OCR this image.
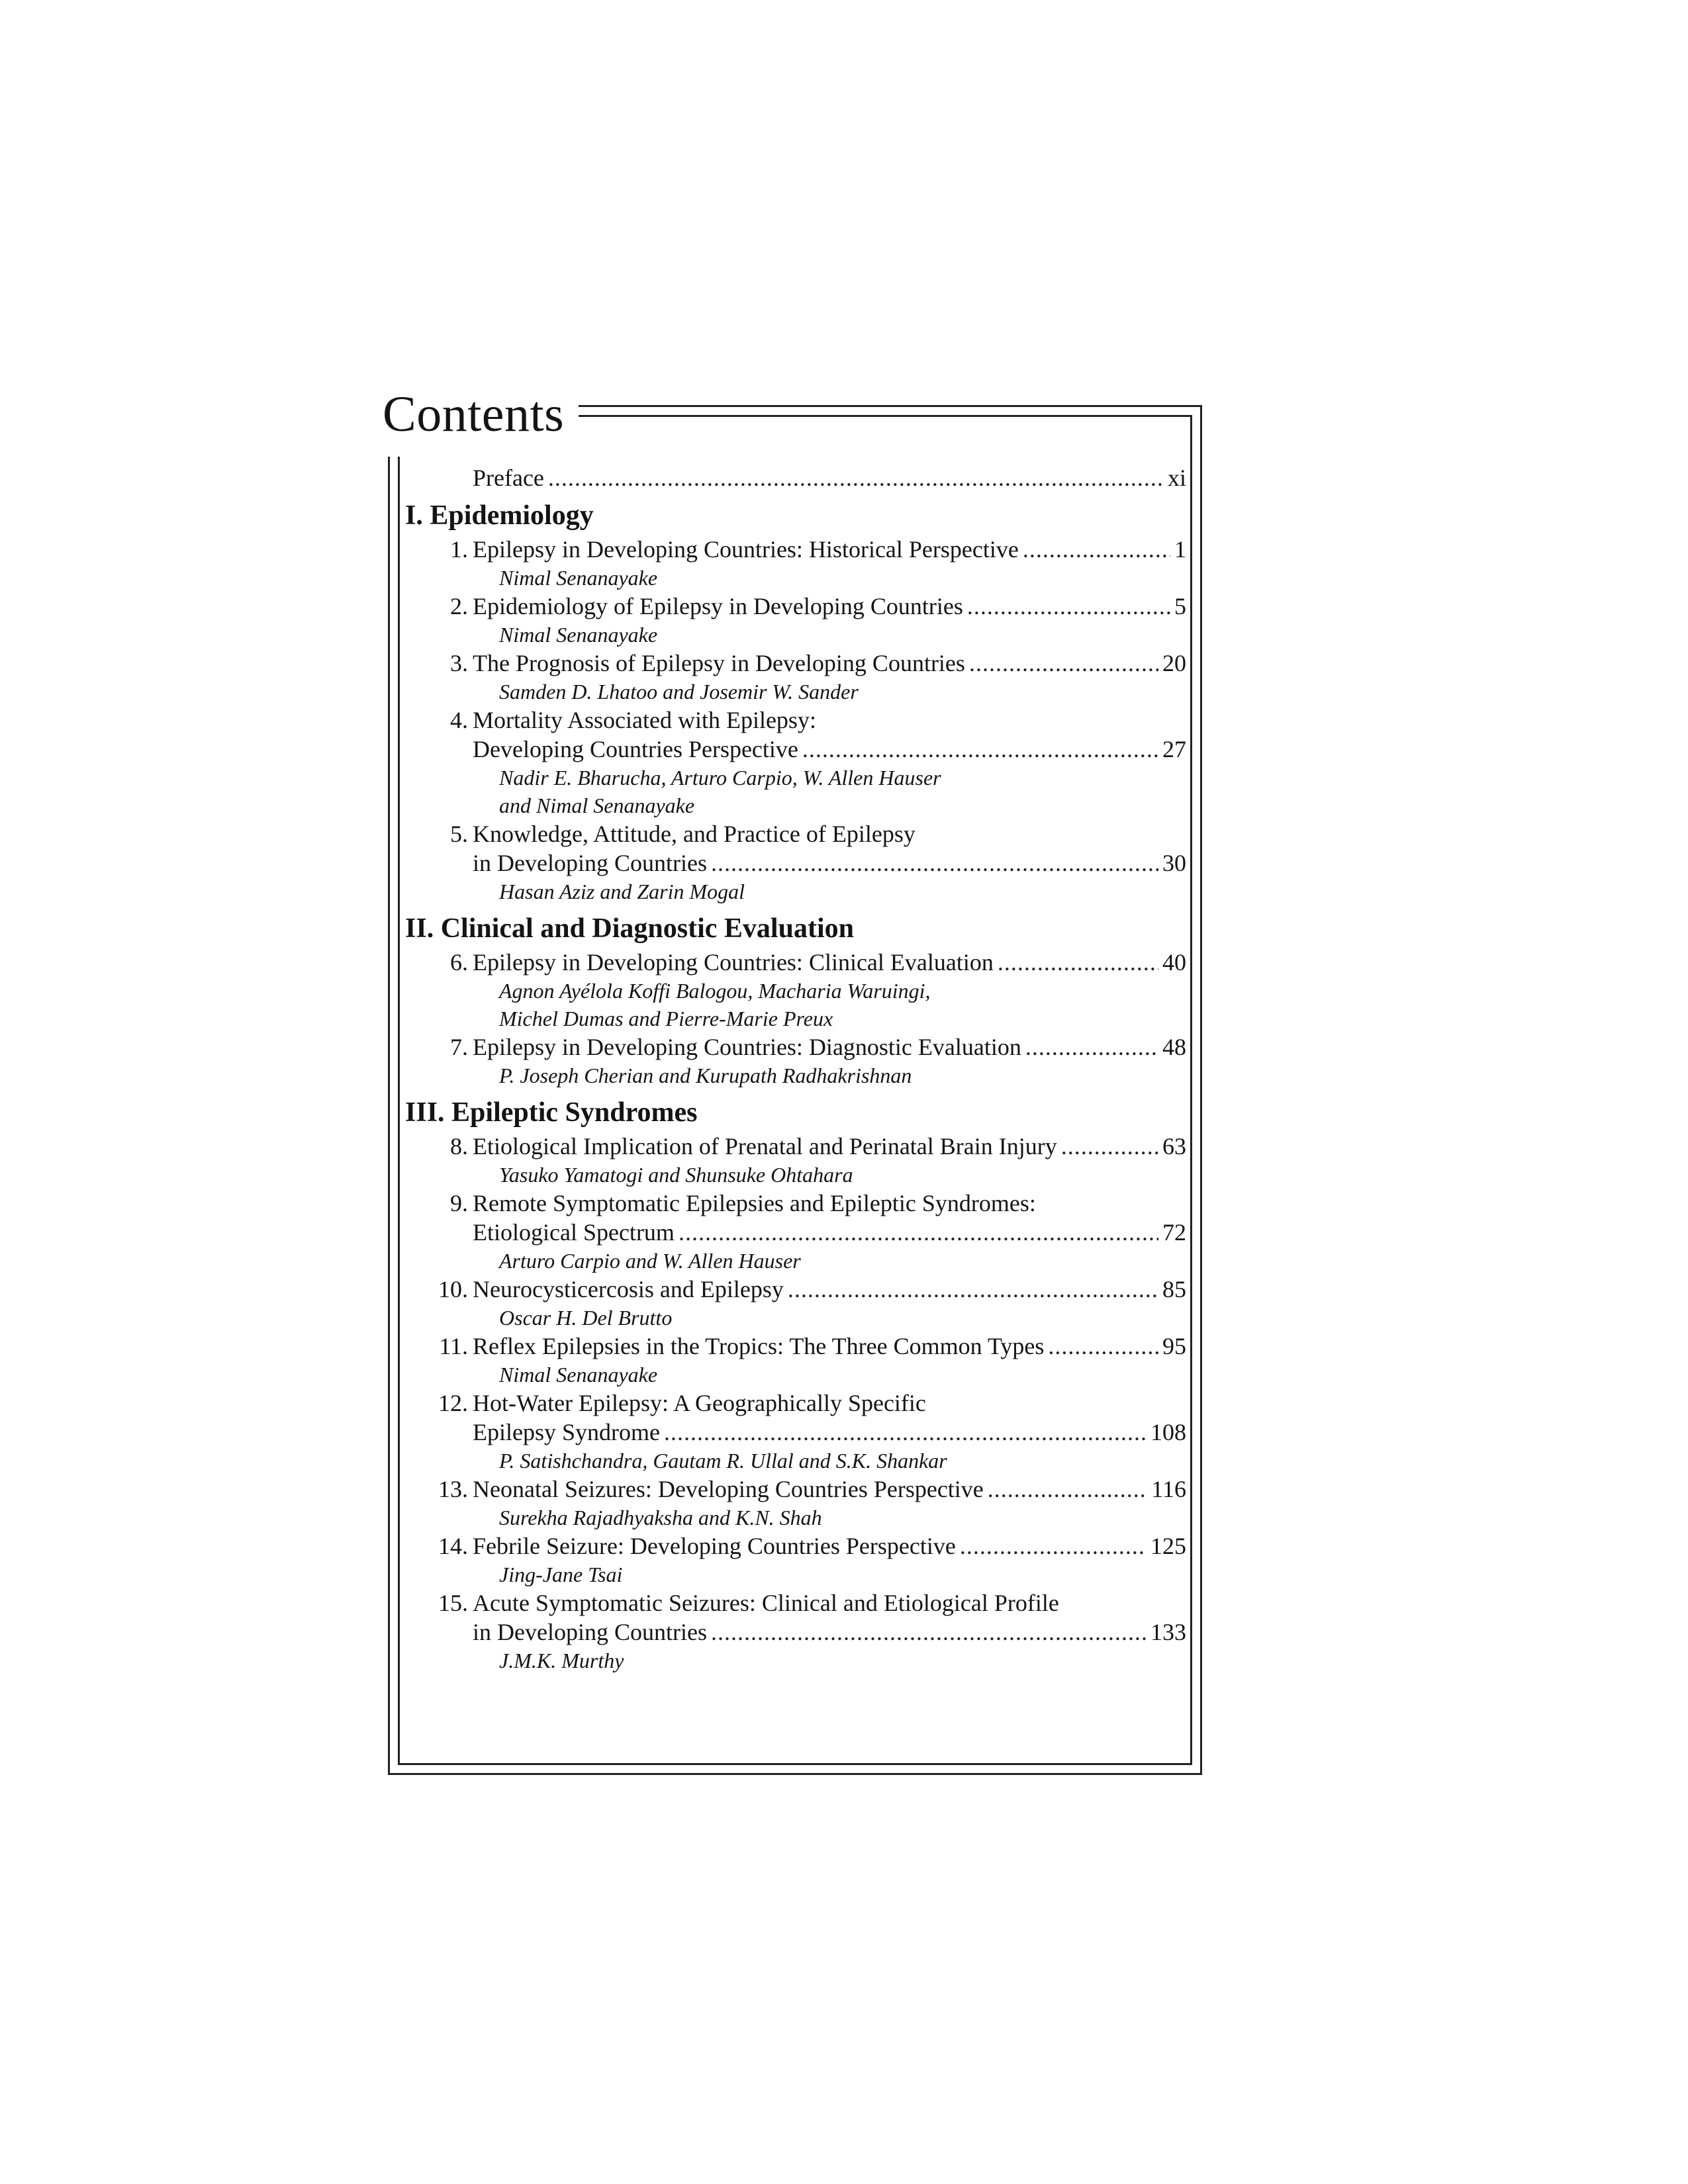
Contents
Preface .....	xi
I. Epidemiology
1. Epilepsy in Developing Countries: Historical Perspective .....	1
Nimal Senanayake
2. Epidemiology of Epilepsy in Developing Countries .....	5
Nimal Senanayake
3. The Prognosis of Epilepsy in Developing Countries .....	20
Samden D. Lhatoo and Josemir W. Sander
4. Mortality Associated with Epilepsy:
Developing Countries Perspective .....	27
Nadir E. Bharucha, Arturo Carpio, W. Allen Hauser
and Nimal Senanayake
5. Knowledge, Attitude, and Practice of Epilepsy
in Developing Countries .....	30
Hasan Aziz and Zarin Mogal
II. Clinical and Diagnostic Evaluation
6. Epilepsy in Developing Countries: Clinical Evaluation .....	40
Agnon Ayélola Koffi Balogou, Macharia Waruingi,
Michel Dumas and Pierre-Marie Preux
7. Epilepsy in Developing Countries: Diagnostic Evaluation .....	48
P. Joseph Cherian and Kurupath Radhakrishnan
III. Epileptic Syndromes
8. Etiological Implication of Prenatal and Perinatal Brain Injury .....	63
Yasuko Yamatogi and Shunsuke Ohtahara
9. Remote Symptomatic Epilepsies and Epileptic Syndromes:
Etiological Spectrum .....	72
Arturo Carpio and W. Allen Hauser
10. Neurocysticercosis and Epilepsy .....	85
Oscar H. Del Brutto
11. Reflex Epilepsies in the Tropics: The Three Common Types .....	95
Nimal Senanayake
12. Hot-Water Epilepsy: A Geographically Specific
Epilepsy Syndrome .....	108
P. Satishchandra, Gautam R. Ullal and S.K. Shankar
13. Neonatal Seizures: Developing Countries Perspective .....	116
Surekha Rajadhyaksha and K.N. Shah
14. Febrile Seizure: Developing Countries Perspective .....	125
Jing-Jane Tsai
15. Acute Symptomatic Seizures: Clinical and Etiological Profile
in Developing Countries .....	133
J.M.K. Murthy
